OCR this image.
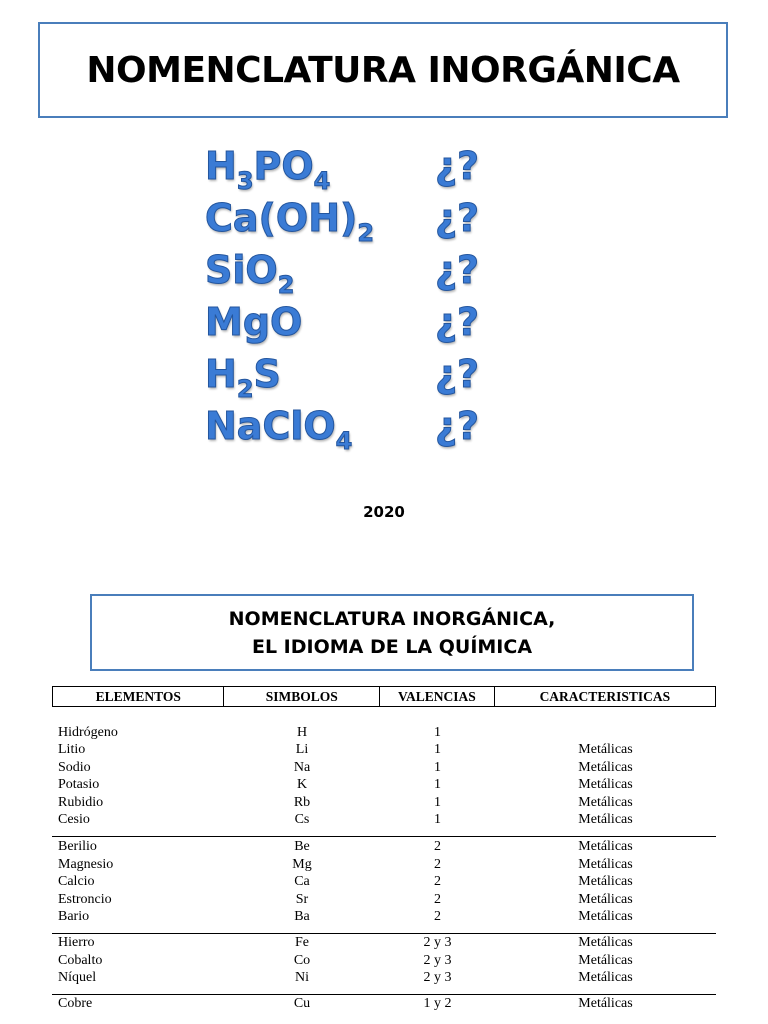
NOMENCLATURA INORGÁNICA
$H_3PO_4$	¿?
$Ca(OH)_2$ ¿?
SiO$_2$	¿?
MgO	¿?
$H_2S$	¿?
NaClO$_4$ ¿?
2020
NOMENCLATURA INORGÁNICA,
EL IDIOMA DE LA QUÍMICA
ELEMENTOS	SIMBOLOS	VALENCIAS	CARACTERISTICAS
Hidrógeno	H	1
Litio	Li	1	Metálicas
Sodio	Na	1	Metálicas
Potasio	K	1	Metálicas
Rubidio	Rb	1	Metálicas
Cesio	Cs	1	Metálicas
Berilio	Be	2	Metálicas
Magnesio	Mg	2	Metálicas
Calcio	Ca	2	Metálicas
Estroncio	Sr	2	Metálicas
Bario	Ba	2	Metálicas
Hierro	Fe	2 y 3	Metálicas
Cobalto	Co	2 y 3	Metálicas
Níquel	Ni	2 y 3	Metálicas
Cobre	Cu	1 y 2	Metálicas
